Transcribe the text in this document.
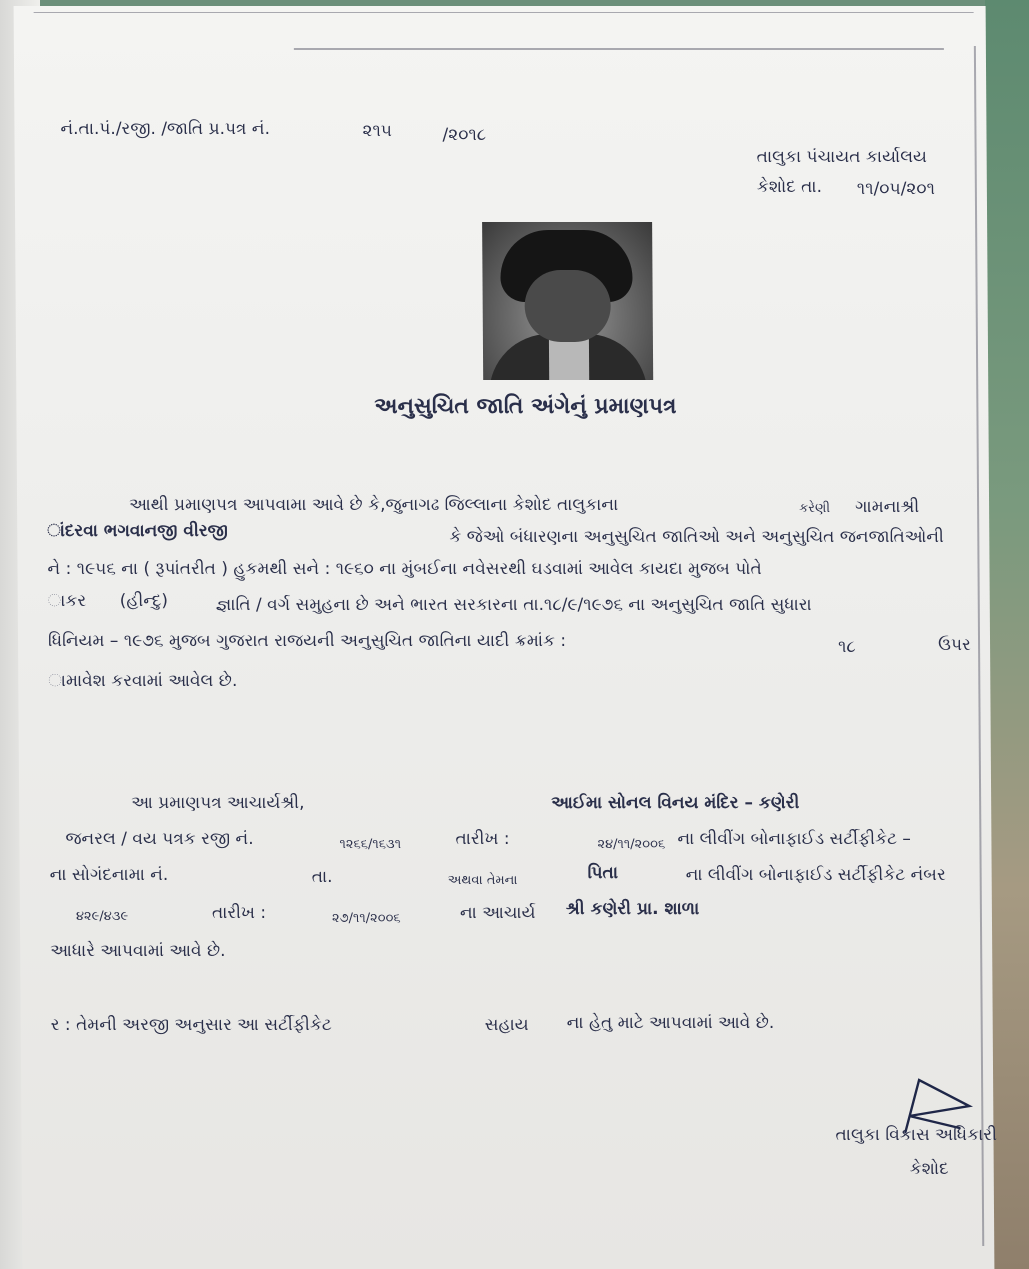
નં.તા.પં./રજી. /જાતિ પ્ર.પત્ર નં.	૨૧૫	/૨૦૧૮
તાલુકા પંચાયત કાર્યાલય
કેશોદ તા. ૧૧/૦૫/૨૦૧
અનુસુચિત જાતિ અંગેનું પ્રમાણપત્ર
આથી પ્રમાણપત્ર આપવામા આવે છે કે,જુનાગઢ જિલ્લાના કેશોદ તાલુકાના	કરેણી ગામનાશ્રી
ાંદરવા ભગવાનજી વીરજી	કે જેઓ બંધારણના અનુસુચિત જાતિઓ અને અનુસુચિત જનજાતિઓની
ને : ૧૯૫૬ ના ( રૂપાંતરીત ) હુકમથી સને : ૧૯૬૦ ના મુંબઈના નવેસરથી ઘડવામાં આવેલ કાયદા મુજબ પોતે
ાકર (હીન્દુ)	જ્ઞાતિ / વર્ગ સમુહના છે અને ભારત સરકારના તા.૧૮/૯/૧૯૭૬ ના અનુસુચિત જાતિ સુધારા
ધિનિયમ – ૧૯૭૬ મુજબ ગુજરાત રાજયની અનુસુચિત જાતિના યાદી ક્રમાંક :	૧૮	ઉપર
ામાવેશ કરવામાં આવેલ છે.
આ પ્રમાણપત્ર આચાર્યશ્રી,	આઈમા સોનલ વિનય મંદિર – કણેરી
જનરલ / વય પત્રક રજી નં.	૧૨૬૬/૧૬૩૧	તારીખ :	૨૪/૧૧/૨૦૦૬ ના લીવીંગ બોનાફાઈડ સર્ટીફીકેટ –
ના સોગંદનામા નં.	તા.	અથવા તેમના	પિતા	ના લીવીંગ બોનાફાઈડ સર્ટીફીકેટ નંબર
૪૨૯/૪૩૯	તારીખ :	૨૭/૧૧/૨૦૦૬	ના આચાર્ય શ્રી કણેરી પ્રા. શાળા
આધારે આપવામાં આવે છે.
ર : તેમની અરજી અનુસાર આ સર્ટીફીકેટ	સહાય ના હેતુ માટે આપવામાં આવે છે.
તાલુકા વિકાસ અધિકારી
કેશોદ
